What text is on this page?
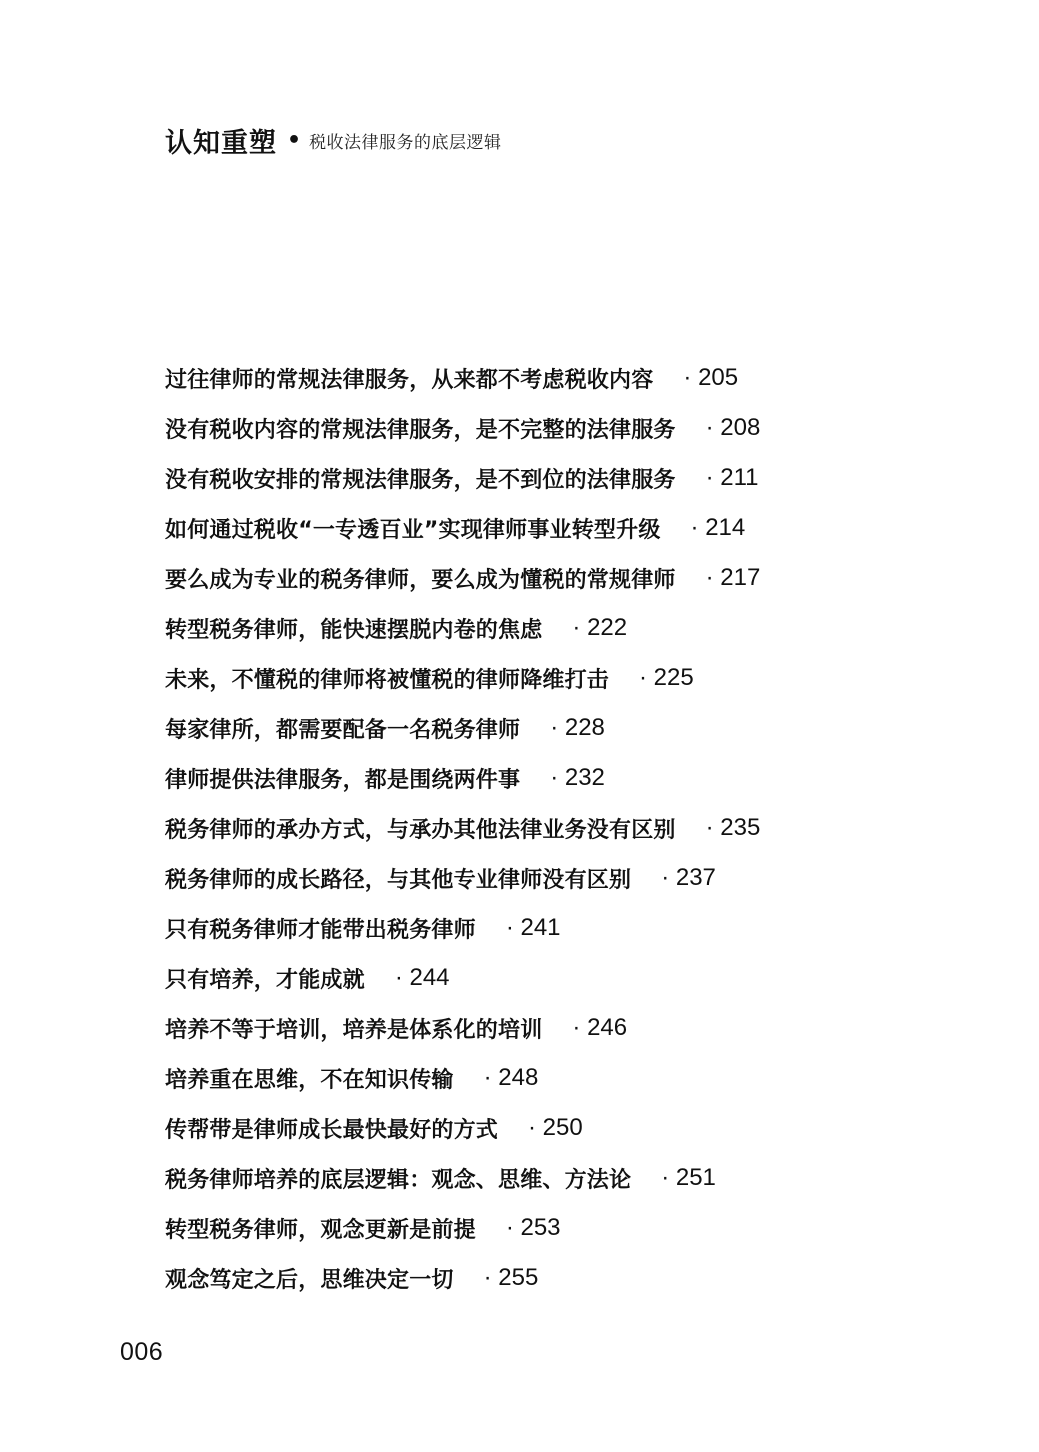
认知重塑 • 税收法律服务的底层逻辑
过往律师的常规法律服务，从来都不考虑税收内容 · 205
没有税收内容的常规法律服务，是不完整的法律服务 · 208
没有税收安排的常规法律服务，是不到位的法律服务 · 211
如何通过税收“一专透百业”实现律师事业转型升级 · 214
要么成为专业的税务律师，要么成为懂税的常规律师 · 217
转型税务律师，能快速摆脱内卷的焦虑 · 222
未来，不懂税的律师将被懂税的律师降维打击 · 225
每家律所，都需要配备一名税务律师 · 228
律师提供法律服务，都是围绕两件事 · 232
税务律师的承办方式，与承办其他法律业务没有区别 · 235
税务律师的成长路径，与其他专业律师没有区别 · 237
只有税务律师才能带出税务律师 · 241
只有培养，才能成就 · 244
培养不等于培训，培养是体系化的培训 · 246
培养重在思维，不在知识传输 · 248
传帮带是律师成长最快最好的方式 · 250
税务律师培养的底层逻辑：观念、思维、方法论 · 251
转型税务律师，观念更新是前提 · 253
观念笃定之后，思维决定一切 · 255
006
